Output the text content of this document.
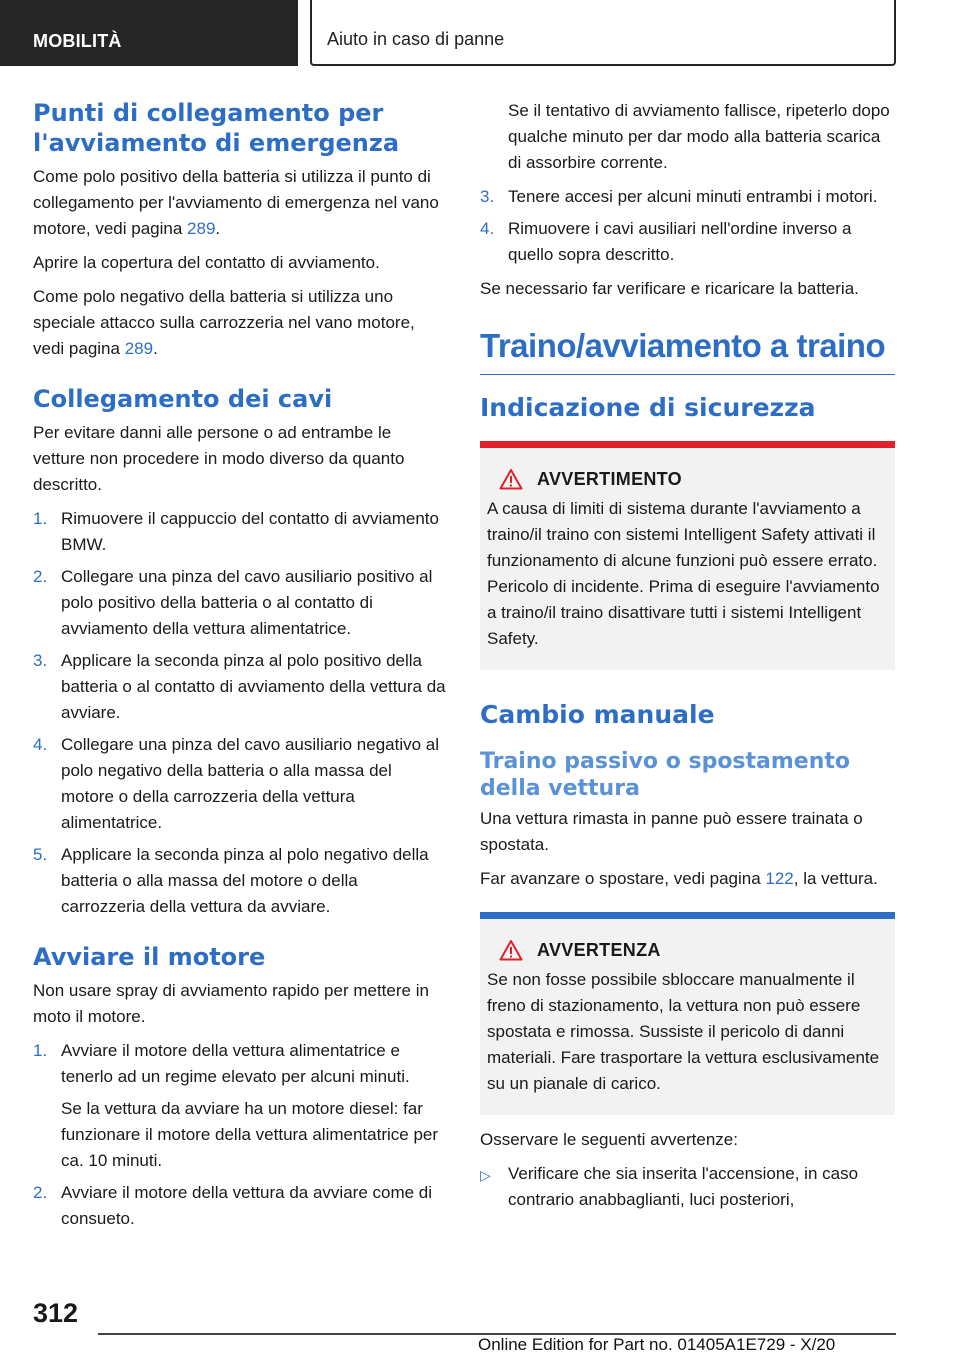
MOBILITÀ	Aiuto in caso di panne
Punti di collegamento per l'avviamento di emergenza

Come polo positivo della batteria si utilizza il punto di collegamento per l'avviamento di emergenza nel vano motore, vedi pagina 289.

Aprire la copertura del contatto di avviamento.

Come polo negativo della batteria si utilizza uno speciale attacco sulla carrozzeria nel vano motore, vedi pagina 289.

Collegamento dei cavi

Per evitare danni alle persone o ad entrambe le vetture non procedere in modo diverso da quanto descritto.

1. Rimuovere il cappuccio del contatto di avviamento BMW.
2. Collegare una pinza del cavo ausiliario positivo al polo positivo della batteria o al contatto di avviamento della vettura alimentatrice.
3. Applicare la seconda pinza al polo positivo della batteria o al contatto di avviamento della vettura da avviare.
4. Collegare una pinza del cavo ausiliario negativo al polo negativo della batteria o alla massa del motore o della carrozzeria della vettura alimentatrice.
5. Applicare la seconda pinza al polo negativo della batteria o alla massa del motore o della carrozzeria della vettura da avviare.
Avviare il motore

Non usare spray di avviamento rapido per mettere in moto il motore.

1. Avviare il motore della vettura alimentatrice e tenerlo ad un regime elevato per alcuni minuti.
Se la vettura da avviare ha un motore diesel: far funzionare il motore della vettura alimentatrice per ca. 10 minuti.
2. Avviare il motore della vettura da avviare come di consueto.

Se il tentativo di avviamento fallisce, ripeterlo dopo qualche minuto per dar modo alla batteria scarica di assorbire corrente.

3. Tenere accesi per alcuni minuti entrambi i motori.
4. Rimuovere i cavi ausiliari nell'ordine inverso a quello sopra descritto.

Se necessario far verificare e ricaricare la batteria.

Traino/avviamento a traino
Indicazione di sicurezza
AVVERTIMENTO
A causa di limiti di sistema durante l'avviamento a traino/il traino con sistemi Intelligent Safety attivati il funzionamento di alcune funzioni può essere errato. Pericolo di incidente. Prima di eseguire l'avviamento a traino/il traino disattivare tutti i sistemi Intelligent Safety.
Cambio manuale
Traino passivo o spostamento della vettura

Una vettura rimasta in panne può essere trainata o spostata.

Far avanzare o spostare, vedi pagina 122, la vettura.

AVVERTENZA
Se non fosse possibile sbloccare manualmente il freno di stazionamento, la vettura non può essere spostata e rimossa. Sussiste il pericolo di danni materiali. Fare trasportare la vettura esclusivamente su un pianale di carico.

Osservare le seguenti avvertenze:

▷ Verificare che sia inserita l'accensione, in caso contrario anabbaglianti, luci posteriori,
312
Online Edition for Part no. 01405A1E729 - X/20
